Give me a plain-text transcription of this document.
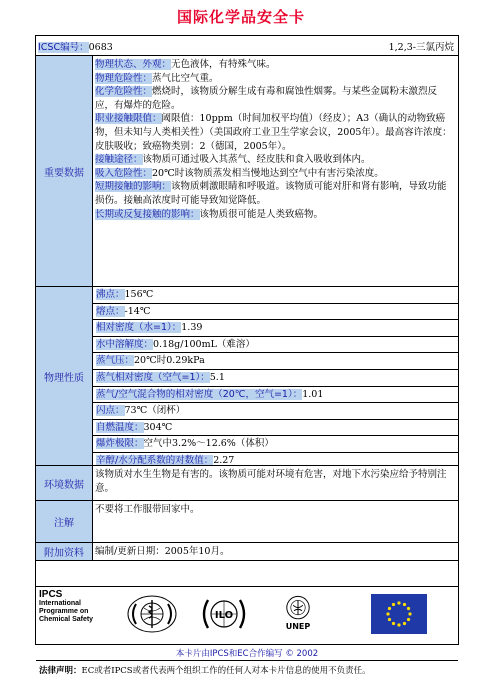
国际化学品安全卡
ICSC编号：0683	1,2,3-三氯丙烷
重要数据
物理状态、外观：无色液体，有特殊气味。
物理危险性：蒸气比空气重。
化学危险性：燃烧时，该物质分解生成有毒和腐蚀性烟雾。与某些金属粉末激烈反应，有爆炸的危险。
职业接触限值：阈限值：10ppm（时间加权平均值）（经皮）；A3（确认的动物致癌物，但未知与人类相关性）（美国政府工业卫生学家会议，2005年）。最高容许浓度：皮肤吸收；致癌物类别：2（德国，2005年）。
接触途径：该物质可通过吸入其蒸气、经皮肤和食入吸收到体内。
吸入危险性：20℃时该物质蒸发相当慢地达到空气中有害污染浓度。
短期接触的影响：该物质刺激眼睛和呼吸道。该物质可能对肝和肾有影响，导致功能损伤。接触高浓度时可能导致知觉降低。
长期或反复接触的影响：该物质很可能是人类致癌物。
物理性质
沸点：156℃
熔点：-14℃
相对密度（水=1）：1.39
水中溶解度：0.18g/100mL（难溶）
蒸气压：20℃时0.29kPa
蒸气相对密度（空气=1）：5.1
蒸气/空气混合物的相对密度（20℃，空气=1）：1.01
闪点：73℃（闭杯）
自燃温度：304℃
爆炸极限：空气中3.2%～12.6%（体积）
辛醇/水分配系数的对数值：2.27
环境数据
该物质对水生生物是有害的。该物质可能对环境有危害，对地下水污染应给予特别注意。
注解
不要将工作服带回家中。
附加资料	编制/更新日期：2005年10月。
IPCS
International
Programme on
Chemical Safety	ILO
UNEP
本卡片由IPCS和EC合作编写 © 2002
法律声明：EC或者IPCS或者代表两个组织工作的任何人对本卡片信息的使用不负责任。
